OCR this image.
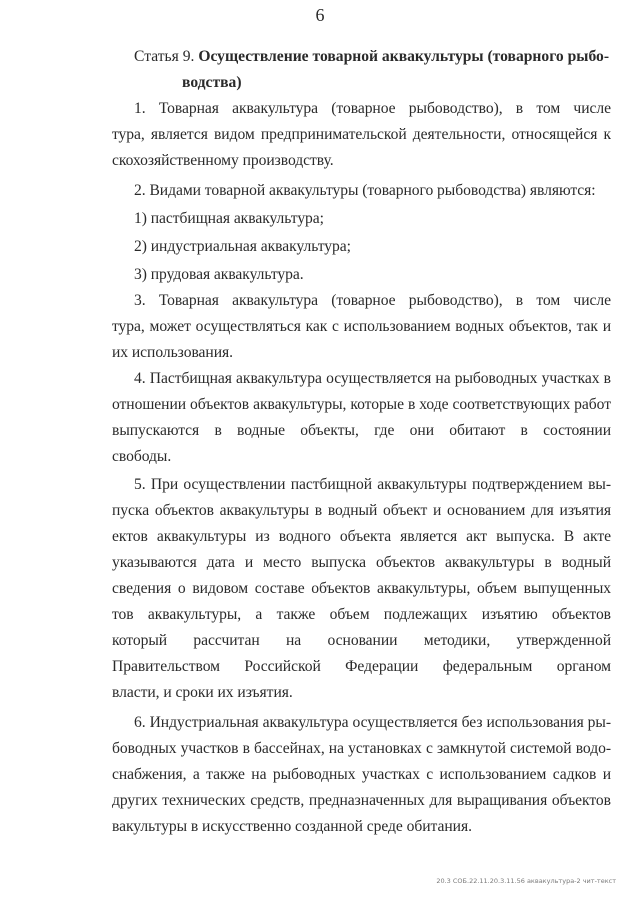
6
Статья 9. Осуществление товарной аквакультуры (товарного рыбо-
водства)
1. Товарная аквакультура (товарное рыбоводство), в том числе
тура, является видом предпринимательской деятельности, относящейся к
скохозяйственному производству.
2. Видами товарной аквакультуры (товарного рыбоводства) являются:
1) пастбищная аквакультура;
2) индустриальная аквакультура;
3) прудовая аквакультура.
3. Товарная аквакультура (товарное рыбоводство), в том числе
тура, может осуществляться как с использованием водных объектов, так и
их использования.
4. Пастбищная аквакультура осуществляется на рыбоводных участках в
отношении объектов аквакультуры, которые в ходе соответствующих работ
выпускаются в водные объекты, где они обитают в состоянии
свободы.
5. При осуществлении пастбищной аквакультуры подтверждением вы-
пуска объектов аквакультуры в водный объект и основанием для изъятия
ектов аквакультуры из водного объекта является акт выпуска. В акте
указываются дата и место выпуска объектов аквакультуры в водный
сведения о видовом составе объектов аквакультуры, объем выпущенных
тов аквакультуры, а также объем подлежащих изъятию объектов
который рассчитан на основании методики, утвержденной
Правительством Российской Федерации федеральным органом
власти, и сроки их изъятия.
6. Индустриальная аквакультура осуществляется без использования ры-
боводных участков в бассейнах, на установках с замкнутой системой водо-
снабжения, а также на рыбоводных участках с использованием садков и
других технических средств, предназначенных для выращивания объектов
вакультуры в искусственно созданной среде обитания.
20.3 СОБ.22.11.20.3.11.56 аквакультура-2 чит-текст
